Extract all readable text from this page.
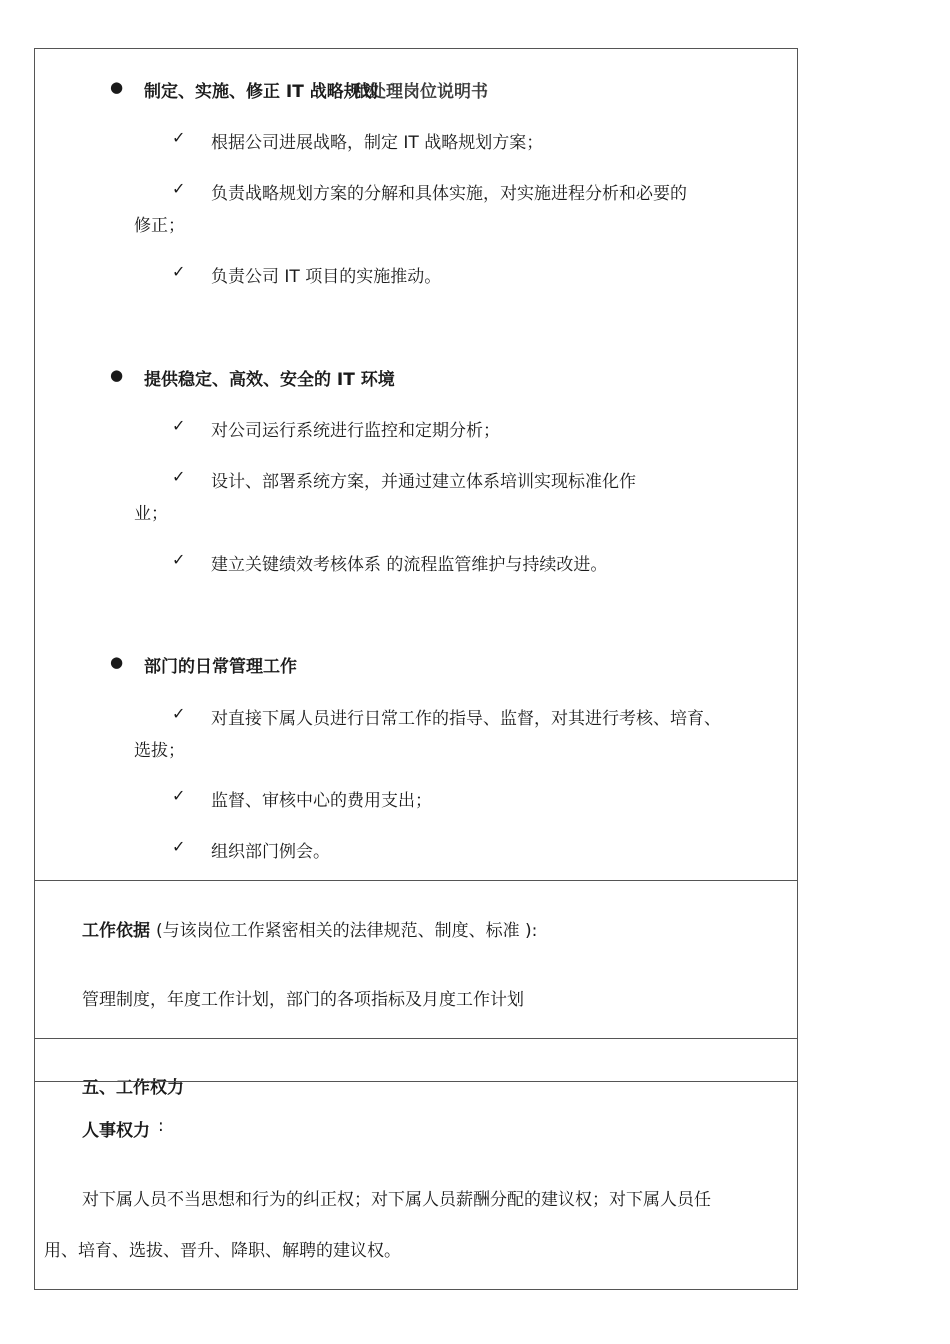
● 制定、实施、修正 IT 战略规划
和处理岗位说明书
✓ 根据公司进展战略，制定 IT 战略规划方案；
✓ 负责战略规划方案的分解和具体实施，对实施进程分析和必要的
修正；
✓ 负责公司 IT 项目的实施推动。
● 提供稳定、高效、安全的 IT 环境
✓ 对公司运行系统进行监控和定期分析；
✓ 设计、部署系统方案，并通过建立体系培训实现标准化作
业；
✓ 建立关键绩效考核体系 的流程监管维护与持续改进。
● 部门的日常管理工作
✓ 对直接下属人员进行日常工作的指导、监督，对其进行考核、培育、
选拔；
✓ 监督、审核中心的费用支出；
✓ 组织部门例会。
工作依据 (与该岗位工作紧密相关的法律规范、制度、标准 ):
管理制度，年度工作计划，部门的各项指标及月度工作计划
五、工作权力
人事权力 :
对下属人员不当思想和行为的纠正权；对下属人员薪酬分配的建议权；对下属人员任
用、培育、选拔、晋升、降职、解聘的建议权。
